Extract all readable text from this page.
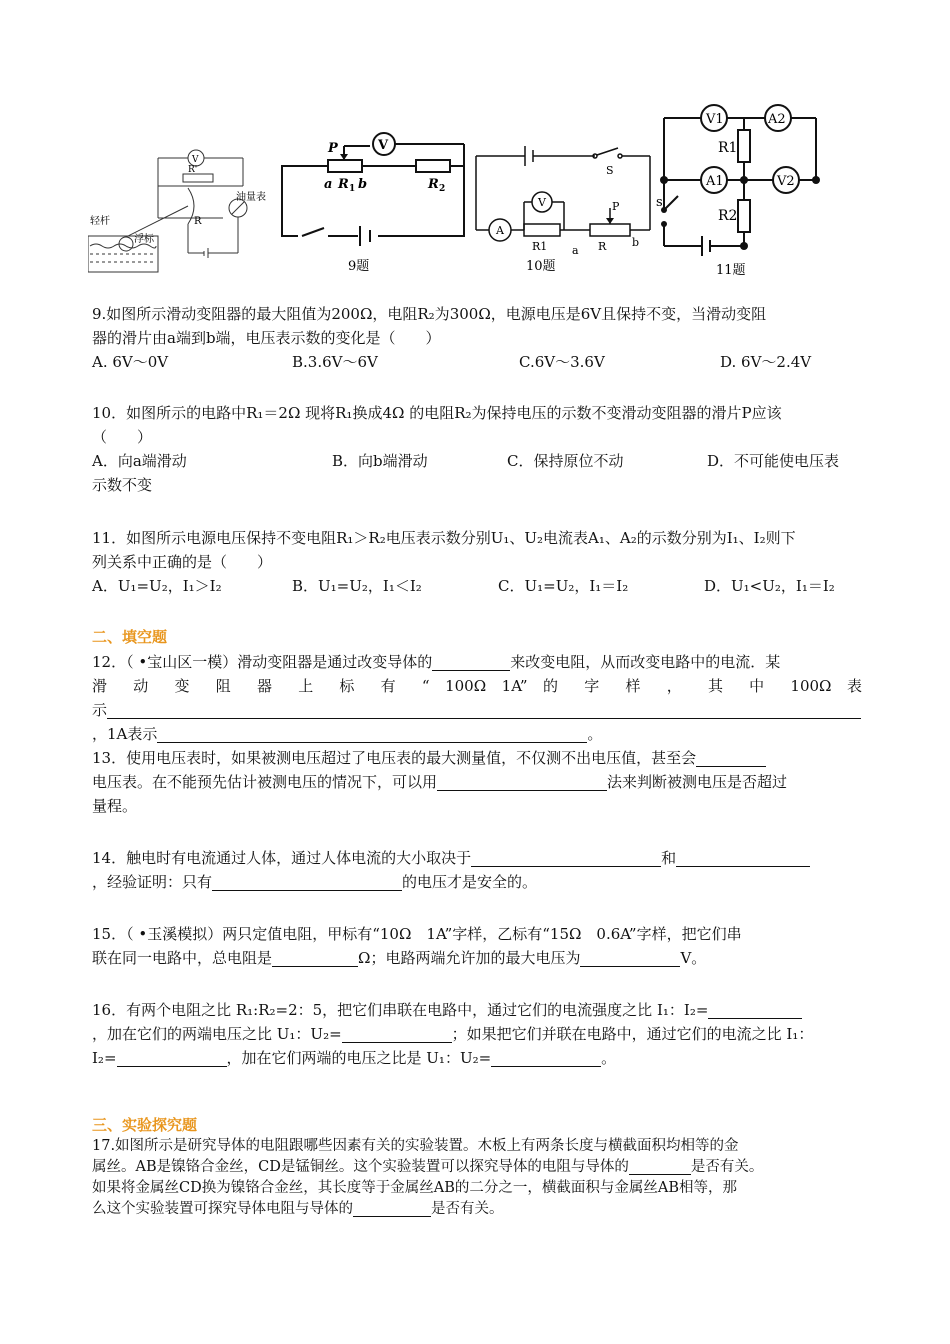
V
R'
轻杆
浮标
R
油量表
V
P
a R 1 b	R 2
9题
S
V
A
R1 a R
P
b
10题
V1	A2
R1
A1	V2
s
R2
11题
9.如图所示滑动变阻器的最大阻值为200Ω，电阻R₂为300Ω，电源电压是6V且保持不变，当滑动变阻
器的滑片由a端到b端，电压表示数的变化是（　　）
A. 6V～0V	B.3.6V～6V	C.6V～3.6V	D. 6V～2.4V
10．如图所示的电路中R₁＝2Ω 现将R₁换成4Ω 的电阻R₂为保持电压的示数不变滑动变阻器的滑片P应该
（　　）
A．向a端滑动	B．向b端滑动	C．保持原位不动	D．不可能使电压表
示数不变
11．如图所示电源电压保持不变电阻R₁＞R₂电压表示数分别U₁、U₂电流表A₁、A₂的示数分别为I₁、I₂则下
列关系中正确的是（　　）
A．U₁=U₂，I₁＞I₂	B．U₁=U₂，I₁＜I₂	C．U₁=U₂，I₁＝I₂	D．U₁<U₂，I₁＝I₂
二、填空题
12．（ •宝山区一模）滑动变阻器是通过改变导体的	来改变电阻，从而改变电路中的电流．某
滑 动 变 阻 器 上 标 有 “ 100Ω 1A” 的 字 样 ， 其 中 100Ω 表
示
，1A表示	。
13．使用电压表时，如果被测电压超过了电压表的最大测量值，不仅测不出电压值，甚至会
电压表。在不能预先估计被测电压的情况下，可以用	法来判断被测电压是否超过
量程。
14．触电时有电流通过人体，通过人体电流的大小取决于	和
，经验证明：只有	的电压才是安全的。
15．（ •玉溪模拟）两只定值电阻，甲标有“10Ω　1A”字样，乙标有“15Ω　0.6A”字样，把它们串
联在同一电路中，总电阻是	Ω；电路两端允许加的最大电压为	V。
16．有两个电阻之比 R₁:R₂=2：5，把它们串联在电路中，通过它们的电流强度之比 I₁：I₂=
，加在它们的两端电压之比 U₁：U₂=	；如果把它们并联在电路中，通过它们的电流之比 I₁：
I₂=	，加在它们两端的电压之比是 U₁：U₂=	。
三、实验探究题
17.如图所示是研究导体的电阻跟哪些因素有关的实验装置。木板上有两条长度与横截面积均相等的金
属丝。AB是镍铬合金丝，CD是锰铜丝。这个实验装置可以探究导体的电阻与导体的	是否有关。
如果将金属丝CD换为镍铬合金丝，其长度等于金属丝AB的二分之一，横截面积与金属丝AB相等，那
么这个实验装置可探究导体电阻与导体的	是否有关。
